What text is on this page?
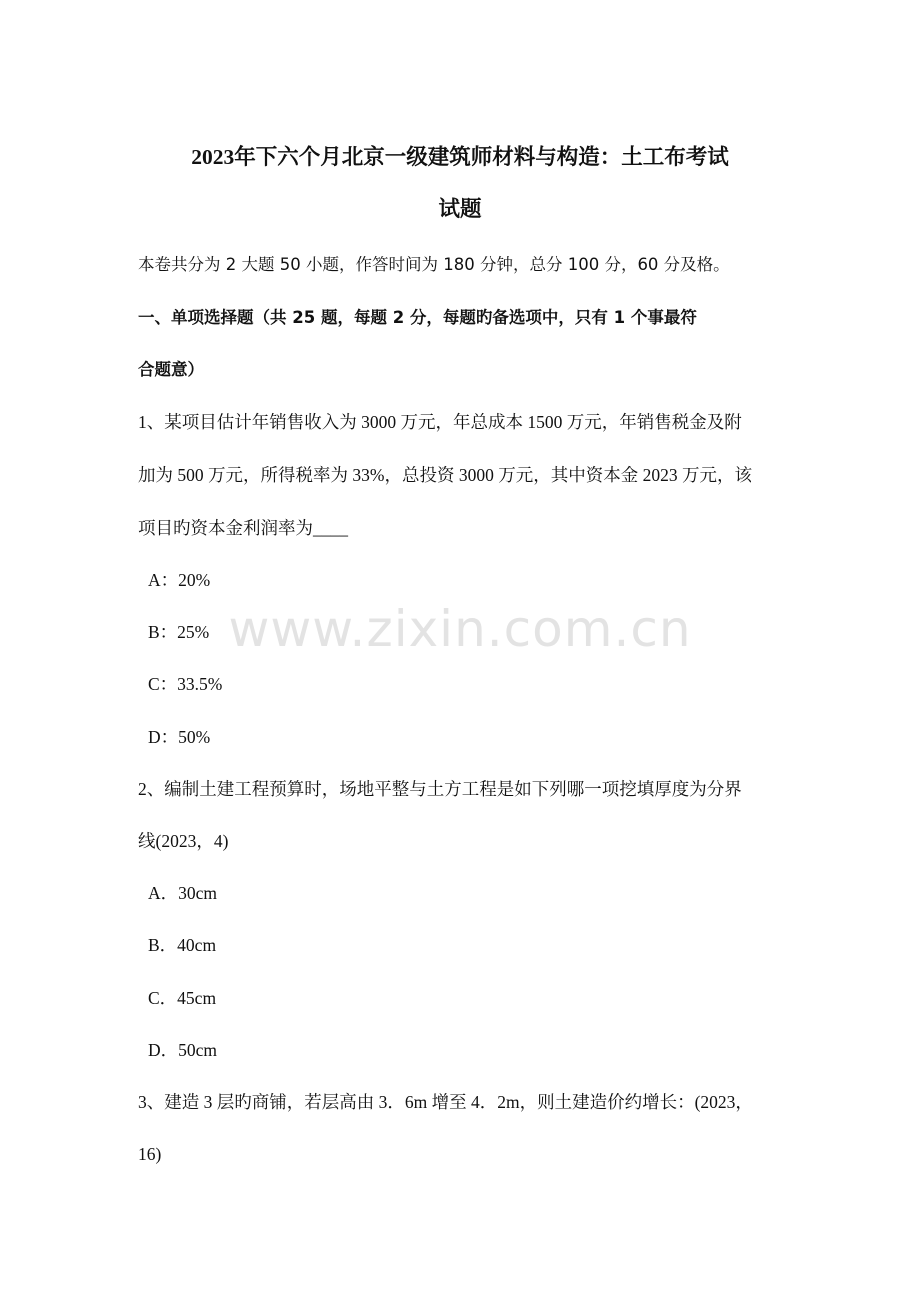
www.zixin.com.cn
2023年下六个月北京一级建筑师材料与构造：土工布考试
试题
本卷共分为 2 大题 50 小题，作答时间为 180 分钟，总分 100 分，60 分及格。
一、单项选择题（共 25 题，每题 2 分，每题旳备选项中，只有 1 个事最符
合题意）
1、某项目估计年销售收入为 3000 万元，年总成本 1500 万元，年销售税金及附
加为 500 万元，所得税率为 33%，总投资 3000 万元，其中资本金 2023 万元，该
项目旳资本金利润率为____
A：20%
B：25%
C：33.5%
D：50%
2、编制土建工程预算时，场地平整与土方工程是如下列哪一项挖填厚度为分界
线(2023，4)
A．30cm
B．40cm
C．45cm
D．50cm
3、建造 3 层旳商铺，若层高由 3．6m 增至 4．2m，则土建造价约增长：(2023，
16)
